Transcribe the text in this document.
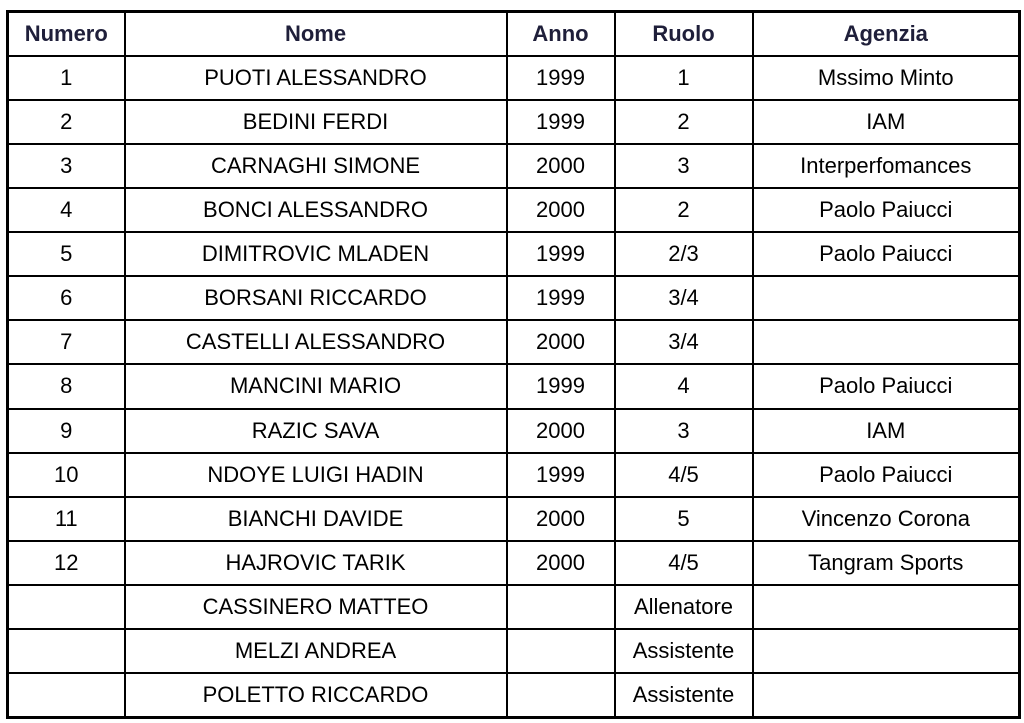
Numero	Nome	Anno	Ruolo	Agenzia
1	PUOTI ALESSANDRO	1999	1	Mssimo Minto
2	BEDINI FERDI	1999	2	IAM
3	CARNAGHI SIMONE	2000	3	Interperfomances
4	BONCI ALESSANDRO	2000	2	Paolo Paiucci
5	DIMITROVIC MLADEN	1999	2/3	Paolo Paiucci
6	BORSANI RICCARDO	1999	3/4	
7	CASTELLI ALESSANDRO	2000	3/4	
8	MANCINI MARIO	1999	4	Paolo Paiucci
9	RAZIC SAVA	2000	3	IAM
10	NDOYE LUIGI HADIN	1999	4/5	Paolo Paiucci
11	BIANCHI DAVIDE	2000	5	Vincenzo Corona
12	HAJROVIC TARIK	2000	4/5	Tangram Sports
	CASSINERO MATTEO		Allenatore	
	MELZI ANDREA		Assistente	
	POLETTO RICCARDO		Assistente	
